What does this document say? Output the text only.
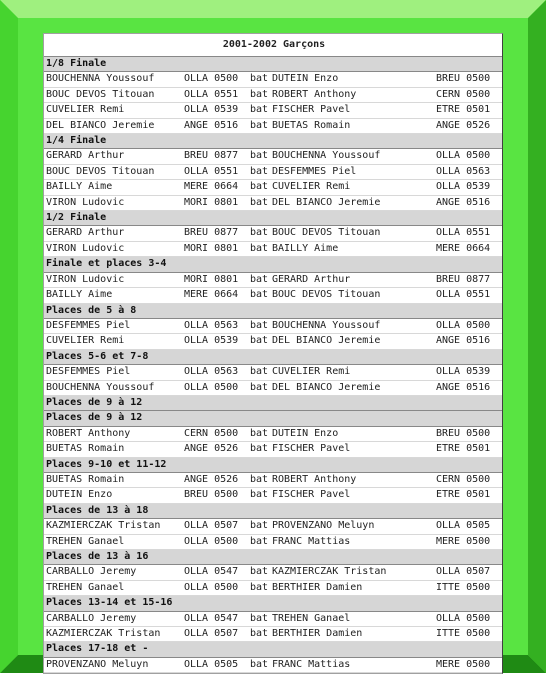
2001-2002 Garçons					
1/8 Finale					
BOUCHENNA Youssouf	OLLA 0500	bat	DUTEIN Enzo	BREU 0500	
BOUC DEVOS Titouan	OLLA 0551	bat	ROBERT Anthony	CERN 0500	
CUVELIER Remi	OLLA 0539	bat	FISCHER Pavel	ETRE 0501	
DEL BIANCO Jeremie	ANGE 0516	bat	BUETAS Romain	ANGE 0526	
1/4 Finale					
GERARD Arthur	BREU 0877	bat	BOUCHENNA Youssouf	OLLA 0500	
BOUC DEVOS Titouan	OLLA 0551	bat	DESFEMMES Piel	OLLA 0563	
BAILLY Aime	MERE 0664	bat	CUVELIER Remi	OLLA 0539	
VIRON Ludovic	MORI 0801	bat	DEL BIANCO Jeremie	ANGE 0516	
1/2 Finale					
GERARD Arthur	BREU 0877	bat	BOUC DEVOS Titouan	OLLA 0551	
VIRON Ludovic	MORI 0801	bat	BAILLY Aime	MERE 0664	
Finale et places 3-4					
VIRON Ludovic	MORI 0801	bat	GERARD Arthur	BREU 0877	
BAILLY Aime	MERE 0664	bat	BOUC DEVOS Titouan	OLLA 0551	
Places de 5 à 8					
DESFEMMES Piel	OLLA 0563	bat	BOUCHENNA Youssouf	OLLA 0500	
CUVELIER Remi	OLLA 0539	bat	DEL BIANCO Jeremie	ANGE 0516	
Places 5-6 et 7-8					
DESFEMMES Piel	OLLA 0563	bat	CUVELIER Remi	OLLA 0539	
BOUCHENNA Youssouf	OLLA 0500	bat	DEL BIANCO Jeremie	ANGE 0516	
Places de 9 à 12					
Places de 9 à 12					
ROBERT Anthony	CERN 0500	bat	DUTEIN Enzo	BREU 0500	
BUETAS Romain	ANGE 0526	bat	FISCHER Pavel	ETRE 0501	
Places 9-10 et 11-12					
BUETAS Romain	ANGE 0526	bat	ROBERT Anthony	CERN 0500	
DUTEIN Enzo	BREU 0500	bat	FISCHER Pavel	ETRE 0501	
Places de 13 à 18					
KAZMIERCZAK Tristan	OLLA 0507	bat	PROVENZANO Meluyn	OLLA 0505	
TREHEN Ganael	OLLA 0500	bat	FRANC Mattias	MERE 0500	
Places de 13 à 16					
CARBALLO Jeremy	OLLA 0547	bat	KAZMIERCZAK Tristan	OLLA 0507	
TREHEN Ganael	OLLA 0500	bat	BERTHIER Damien	ITTE 0500	
Places 13-14 et 15-16					
CARBALLO Jeremy	OLLA 0547	bat	TREHEN Ganael	OLLA 0500	
KAZMIERCZAK Tristan	OLLA 0507	bat	BERTHIER Damien	ITTE 0500	
Places 17-18 et -					
PROVENZANO Meluyn	OLLA 0505	bat	FRANC Mattias	MERE 0500	
